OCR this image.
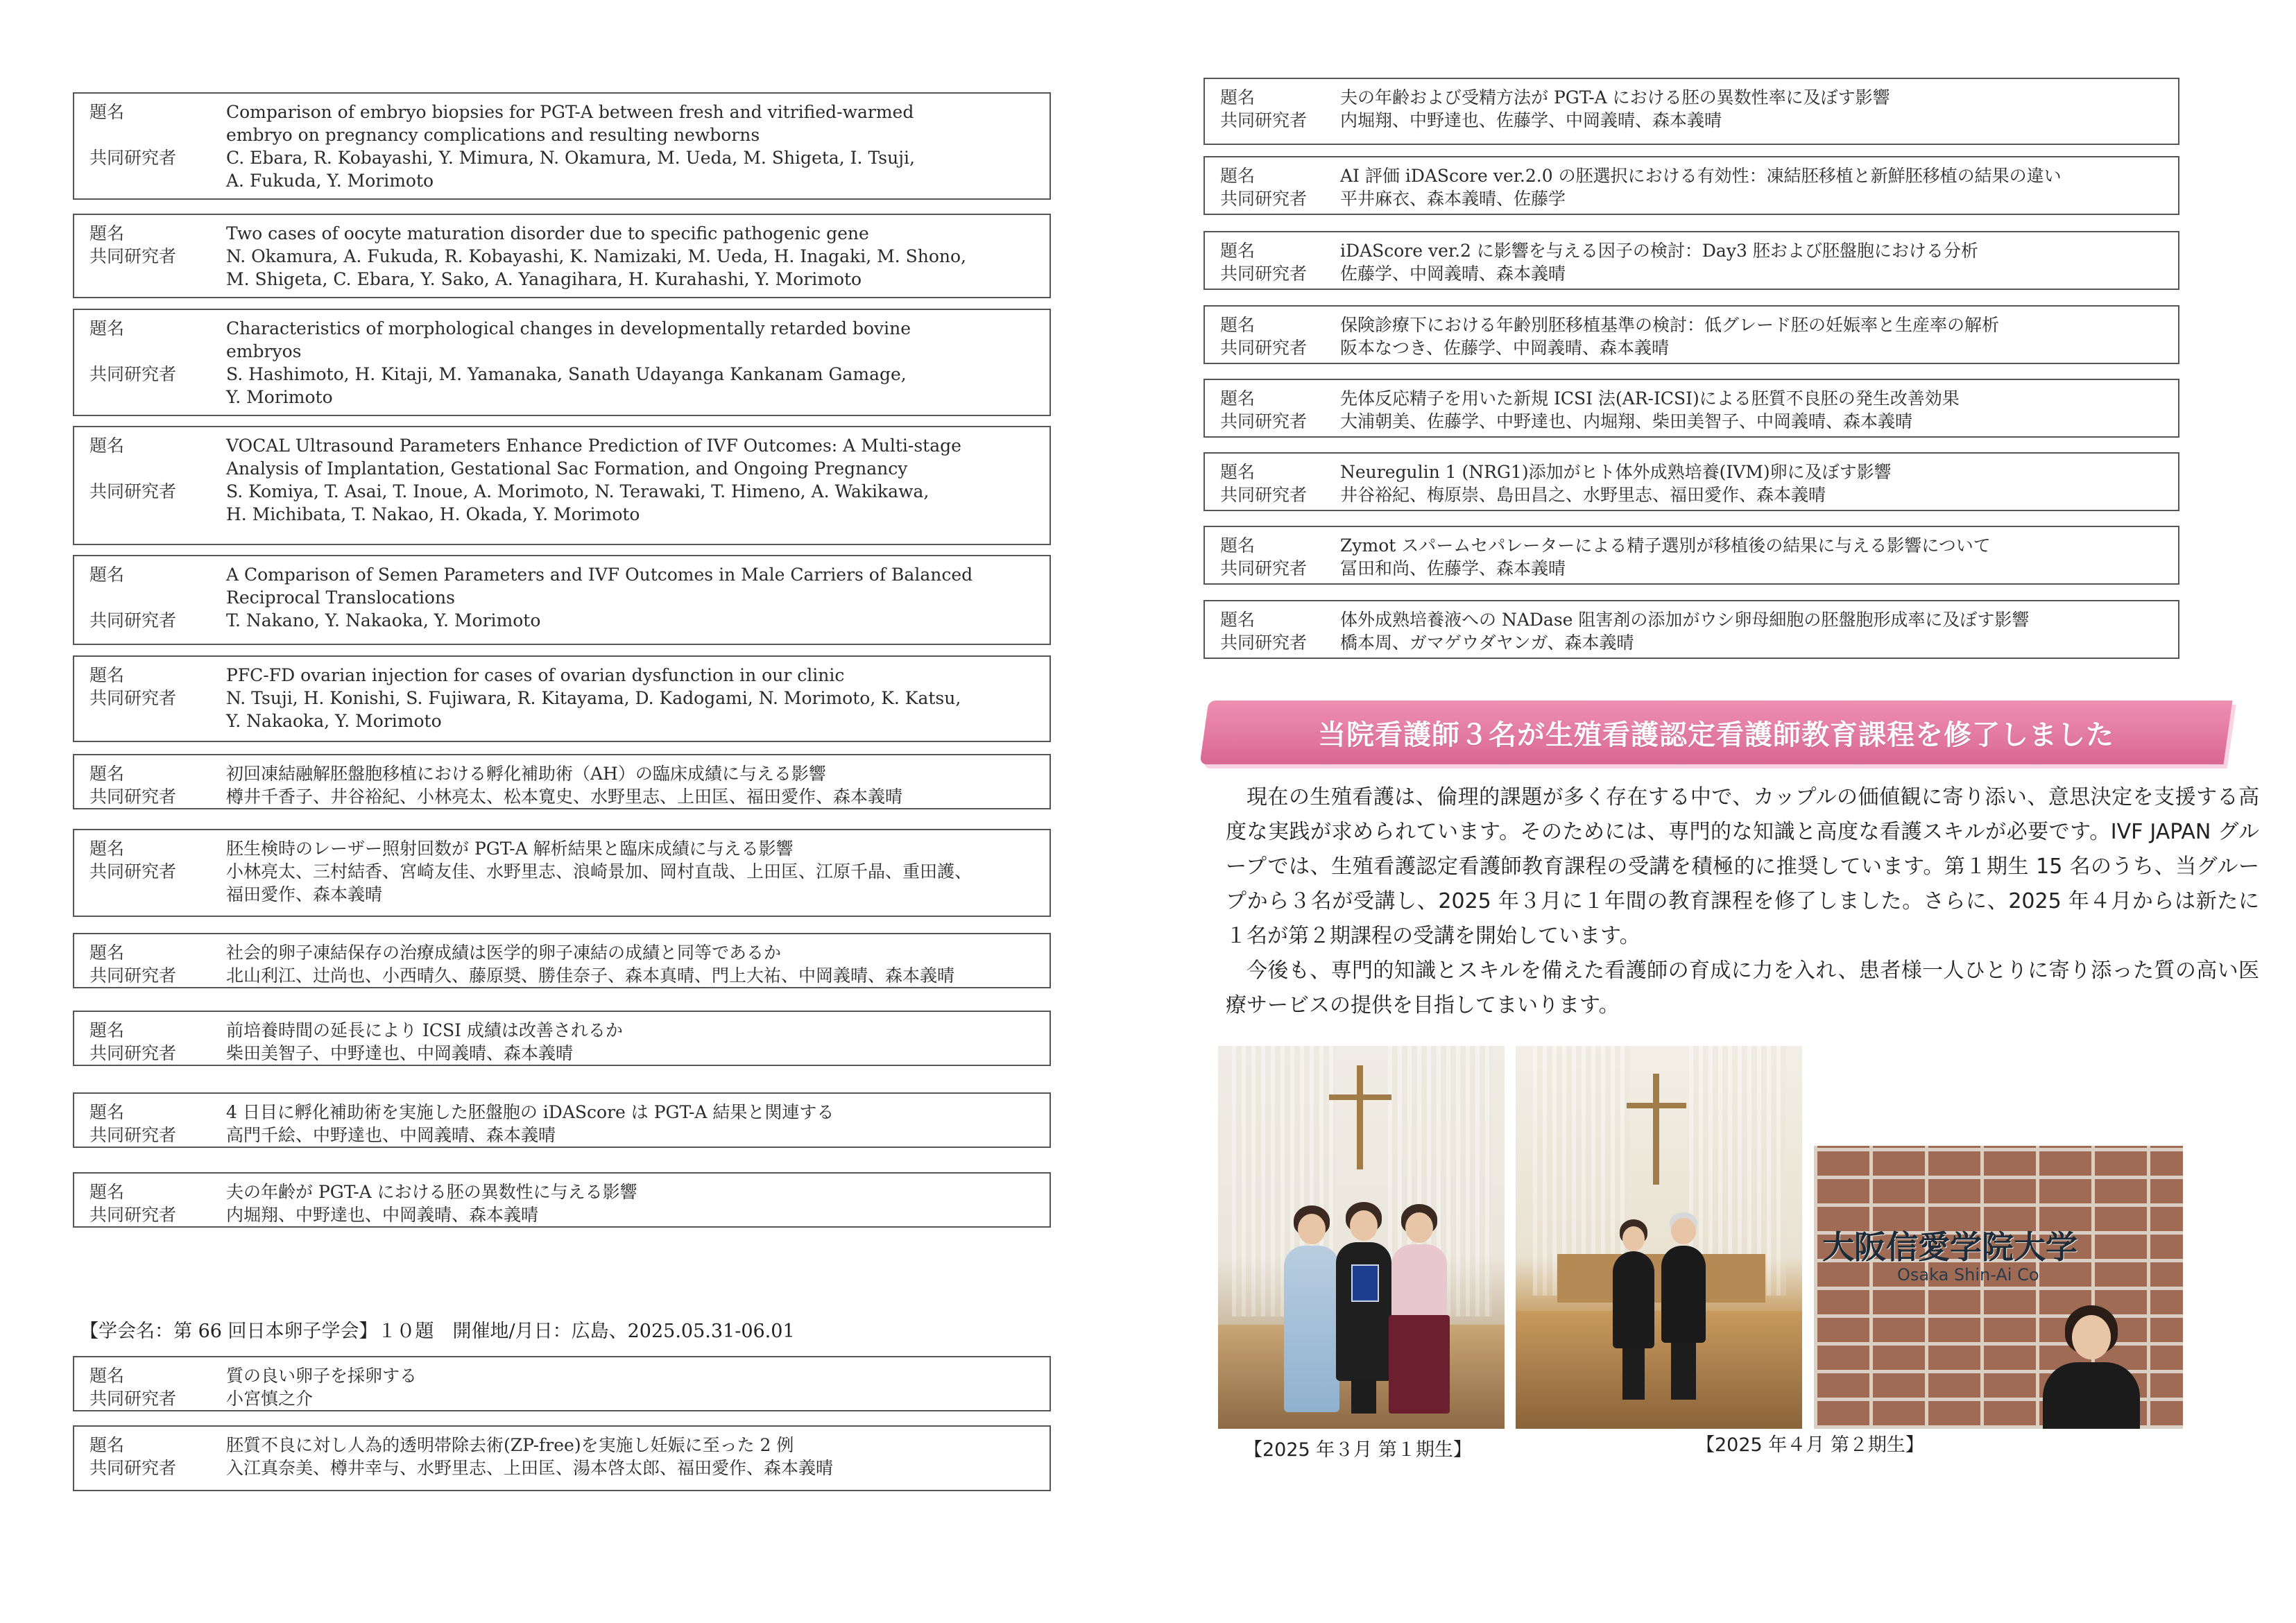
題名	Comparison of embryo biopsies for PGT-A between fresh and vitrified-warmed
embryo on pregnancy complications and resulting newborns
共同研究者	C. Ebara, R. Kobayashi, Y. Mimura, N. Okamura, M. Ueda, M. Shigeta, I. Tsuji,
A. Fukuda, Y. Morimoto
題名	Two cases of oocyte maturation disorder due to specific pathogenic gene
共同研究者	N. Okamura, A. Fukuda, R. Kobayashi, K. Namizaki, M. Ueda, H. Inagaki, M. Shono,
M. Shigeta, C. Ebara, Y. Sako, A. Yanagihara, H. Kurahashi, Y. Morimoto
題名	Characteristics of morphological changes in developmentally retarded bovine
embryos
共同研究者	S. Hashimoto, H. Kitaji, M. Yamanaka, Sanath Udayanga Kankanam Gamage,
Y. Morimoto
題名	VOCAL Ultrasound Parameters Enhance Prediction of IVF Outcomes: A Multi-stage
Analysis of Implantation, Gestational Sac Formation, and Ongoing Pregnancy
共同研究者	S. Komiya, T. Asai, T. Inoue, A. Morimoto, N. Terawaki, T. Himeno, A. Wakikawa,
H. Michibata, T. Nakao, H. Okada, Y. Morimoto
題名	A Comparison of Semen Parameters and IVF Outcomes in Male Carriers of Balanced
Reciprocal Translocations
共同研究者	T. Nakano, Y. Nakaoka, Y. Morimoto
題名	PFC-FD ovarian injection for cases of ovarian dysfunction in our clinic
共同研究者	N. Tsuji, H. Konishi, S. Fujiwara, R. Kitayama, D. Kadogami, N. Morimoto, K. Katsu,
Y. Nakaoka, Y. Morimoto
題名	初回凍結融解胚盤胞移植における孵化補助術（AH）の臨床成績に与える影響
共同研究者	樽井千香子、井谷裕紀、小林亮太、松本寛史、水野里志、上田匡、福田愛作、森本義晴
題名	胚生検時のレーザー照射回数が PGT-A 解析結果と臨床成績に与える影響
共同研究者	小林亮太、三村結香、宮崎友佳、水野里志、浪崎景加、岡村直哉、上田匡、江原千晶、重田護、
福田愛作、森本義晴
題名	社会的卵子凍結保存の治療成績は医学的卵子凍結の成績と同等であるか
共同研究者	北山利江、辻尚也、小西晴久、藤原奨、勝佳奈子、森本真晴、門上大祐、中岡義晴、森本義晴
題名	前培養時間の延長により ICSI 成績は改善されるか
共同研究者	柴田美智子、中野達也、中岡義晴、森本義晴
題名	4 日目に孵化補助術を実施した胚盤胞の iDAScore は PGT-A 結果と関連する
共同研究者	高門千絵、中野達也、中岡義晴、森本義晴
題名	夫の年齢が PGT-A における胚の異数性に与える影響
共同研究者	内堀翔、中野達也、中岡義晴、森本義晴
題名	質の良い卵子を採卵する
共同研究者	小宮慎之介
題名	胚質不良に対し人為的透明帯除去術(ZP-free)を実施し妊娠に至った 2 例
共同研究者	入江真奈美、樽井幸与、水野里志、上田匡、湯本啓太郎、福田愛作、森本義晴
当院看護師３名が生殖看護認定看護師教育課程を修了しました

現在の生殖看護は、倫理的課題が多く存在する中で、カップルの価値観に寄り添い、意思決定を支援する高度な実践が求められています。そのためには、専門的な知識と高度な看護スキルが必要です。IVF JAPAN グループでは、生殖看護認定看護師教育課程の受講を積極的に推奨しています。第１期生 15 名のうち、当グループから３名が受講し、2025 年３月に１年間の教育課程を修了しました。さらに、2025 年４月からは新たに１名が第２期課程の受講を開始しています。

今後も、専門的知識とスキルを備えた看護師の育成に力を入れ、患者様一人ひとりに寄り添った質の高い医療サービスの提供を目指してまいります。

大阪信愛学院大学
Osaka Shin-Ai Co
【2025 年３月 第１期生】	【2025 年４月 第２期生】
題名	夫の年齢および受精方法が PGT-A における胚の異数性率に及ぼす影響
共同研究者	内堀翔、中野達也、佐藤学、中岡義晴、森本義晴
題名	AI 評価 iDAScore ver.2.0 の胚選択における有効性：凍結胚移植と新鮮胚移植の結果の違い
共同研究者	平井麻衣、森本義晴、佐藤学
題名	iDAScore ver.2 に影響を与える因子の検討：Day3 胚および胚盤胞における分析
共同研究者	佐藤学、中岡義晴、森本義晴
題名	保険診療下における年齢別胚移植基準の検討：低グレード胚の妊娠率と生産率の解析
共同研究者	阪本なつき、佐藤学、中岡義晴、森本義晴
題名	先体反応精子を用いた新規 ICSI 法(AR-ICSI)による胚質不良胚の発生改善効果
共同研究者	大浦朝美、佐藤学、中野達也、内堀翔、柴田美智子、中岡義晴、森本義晴
題名	Neuregulin 1 (NRG1)添加がヒト体外成熟培養(IVM)卵に及ぼす影響
共同研究者	井谷裕紀、梅原崇、島田昌之、水野里志、福田愛作、森本義晴
題名	Zymot スパームセパレーターによる精子選別が移植後の結果に与える影響について
共同研究者	冨田和尚、佐藤学、森本義晴
題名	体外成熟培養液への NADase 阻害剤の添加がウシ卵母細胞の胚盤胞形成率に及ぼす影響
共同研究者	橋本周、ガマゲウダヤンガ、森本義晴
【学会名：第 66 回日本卵子学会】１０題　開催地/月日：広島、2025.05.31-06.01
